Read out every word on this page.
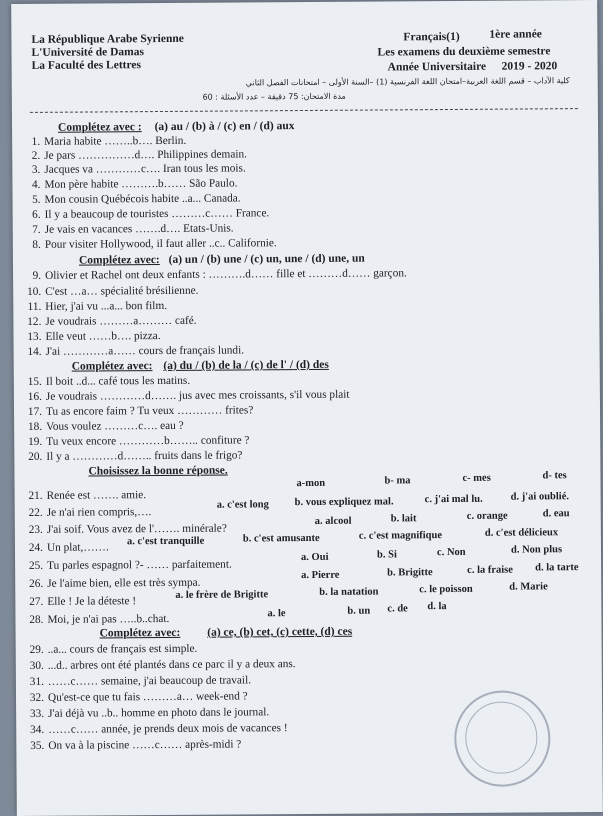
La République Arabe Syrienne
L'Université de Damas
La Faculté des Lettres
Français(1)	1ère année
Les examens du deuxième semestre
Année Universitaire 2019 - 2020
كلية الآداب – قسم اللغة العربية–امتحان اللغة الفرنسية (1) –السنة الأولى – امتحانات الفصل الثاني
مدة الامتحان: 75 دقيقة – عدد الأسئلة : 60
Complétez avec : (a) au / (b) à / (c) en / (d) aux
1. Maria habite ……..b…. Berlin.
2. Je pars ……………d…. Philippines demain.
3. Jacques va …………c…. Iran tous les mois.
4. Mon père habite ……….b…… São Paulo.
5. Mon cousin Québécois habite ..a... Canada.
6. Il y a beaucoup de touristes ………c…… France.
7. Je vais en vacances …….d…. Etats-Unis.
8. Pour visiter Hollywood, il faut aller ..c.. Californie.
Complétez avec: (a) un / (b) une / (c) un, une / (d) une, un
9. Olivier et Rachel ont deux enfants : ……….d…… fille et ………d…… garçon.
10. C'est …a… spécialité brésilienne.
11. Hier, j'ai vu ...a... bon film.
12. Je voudrais ………a……… café.
13. Elle veut ……b…. pizza.
14. J'ai …………a…… cours de français lundi.
Complétez avec: (a) du / (b) de la / (c) de l' / (d) des
15. Il boit ..d... café tous les matins.
16. Je voudrais …………d……. jus avec mes croissants, s'il vous plait
17. Tu as encore faim ? Tu veux ………… frites?
18. Vous voulez ………c…. eau ?
19. Tu veux encore …………b…….. confiture ?
20. Il y a …………d…….. fruits dans le frigo?
Choisissez la bonne réponse.
a-mon	b- ma	c- mes	d- tes
21. Renée est ……. amie.
22. Je n'ai rien compris,….
a. c'est long b. vous expliquez mal.	c. j'ai mal lu.	d. j'ai oublié.
23. J'ai soif. Vous avez de l'……. minérale?
a. alcool	b. lait	c. orange	d. eau
24. Un plat,……. a. c'est tranquille	b. c'est amusante	c. c'est magnifique	d. c'est délicieux
25. Tu parles espagnol ?- …… parfaitement.
a. Oui	b. Si	c. Non	d. Non plus
26. Je l'aime bien, elle est très sympa.
a. Pierre	b. Brigitte	c. la fraise d. la tarte
27. Elle ! Je la déteste !
a. le frère de Brigitte	b. la natation	c. le poisson	d. Marie
28. Moi, je n'ai pas …..b..chat.	a. le	b. un c. de d. la
Complétez avec: (a) ce, (b) cet, (c) cette, (d) ces
29. ..a... cours de français est simple.
30. ...d.. arbres ont été plantés dans ce parc il y a deux ans.
31. ……c…… semaine, j'ai beaucoup de travail.
32. Qu'est-ce que tu fais ………a… week-end ?
33. J'ai déjà vu ..b.. homme en photo dans le journal.
34. ……c…… année, je prends deux mois de vacances !
35. On va à la piscine ……c…… après-midi ?
